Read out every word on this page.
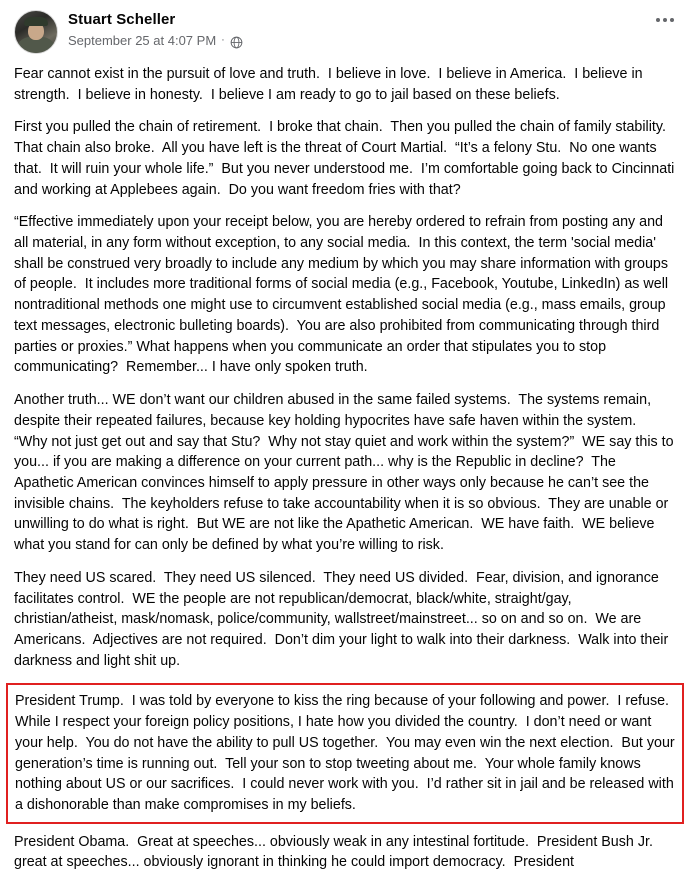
Stuart Scheller
September 25 at 4:07 PM ·

Fear cannot exist in the pursuit of love and truth.  I believe in love.  I believe in America.  I believe in strength.  I believe in honesty.  I believe I am ready to go to jail based on these beliefs.

First you pulled the chain of retirement.  I broke that chain.  Then you pulled the chain of family stability.  That chain also broke.  All you have left is the threat of Court Martial.  “It’s a felony Stu.  No one wants that.  It will ruin your whole life.”  But you never understood me.  I’m comfortable going back to Cincinnati and working at Applebees again.  Do you want freedom fries with that?

“Effective immediately upon your receipt below, you are hereby ordered to refrain from posting any and all material, in any form without exception, to any social media.  In this context, the term 'social media' shall be construed very broadly to include any medium by which you may share information with groups of people.  It includes more traditional forms of social media (e.g., Facebook, Youtube, LinkedIn) as well nontraditional methods one might use to circumvent established social media (e.g., mass emails, group text messages, electronic bulleting boards).  You are also prohibited from communicating through third parties or proxies.” What happens when you communicate an order that stipulates you to stop communicating?  Remember... I have only spoken truth.

Another truth... WE don’t want our children abused in the same failed systems.  The systems remain, despite their repeated failures, because key holding hypocrites have safe haven within the system.  “Why not just get out and say that Stu?  Why not stay quiet and work within the system?”  WE say this to you... if you are making a difference on your current path... why is the Republic in decline?  The Apathetic American convinces himself to apply pressure in other ways only because he can’t see the invisible chains.  The keyholders refuse to take accountability when it is so obvious.  They are unable or unwilling to do what is right.  But WE are not like the Apathetic American.  WE have faith.  WE believe what you stand for can only be defined by what you’re willing to risk.

They need US scared.  They need US silenced.  They need US divided.  Fear, division, and ignorance facilitates control.  WE the people are not republican/democrat, black/white, straight/gay, christian/atheist, mask/nomask, police/community, wallstreet/mainstreet... so on and so on.  We are Americans.  Adjectives are not required.  Don’t dim your light to walk into their darkness.  Walk into their darkness and light shit up.

President Trump.  I was told by everyone to kiss the ring because of your following and power.  I refuse.  While I respect your foreign policy positions, I hate how you divided the country.  I don’t need or want your help.  You do not have the ability to pull US together.  You may even win the next election.  But your generation’s time is running out.  Tell your son to stop tweeting about me.  Your whole family knows nothing about US or our sacrifices.  I could never work with you.  I’d rather sit in jail and be released with a dishonorable than make compromises in my beliefs.

President Obama.  Great at speeches... obviously weak in any intestinal fortitude.  President Bush Jr.  great at speeches... obviously ignorant in thinking he could import democracy.  President
